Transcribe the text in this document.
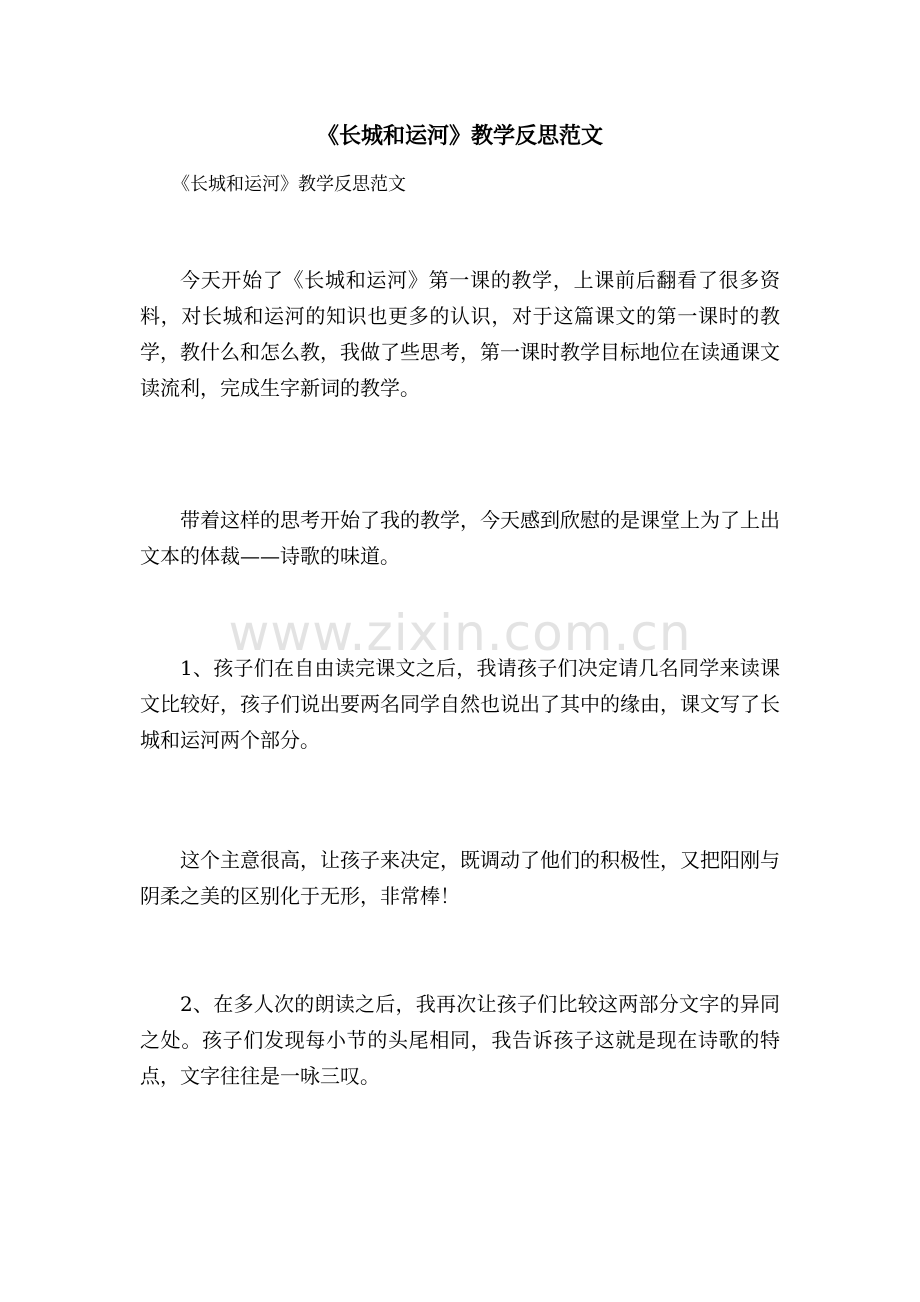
《长城和运河》教学反思范文
《长城和运河》教学反思范文

今天开始了《长城和运河》第一课的教学，上课前后翻看了很多资料，对长城和运河的知识也更多的认识，对于这篇课文的第一课时的教学，教什么和怎么教，我做了些思考，第一课时教学目标地位在读通课文读流利，完成生字新词的教学。

带着这样的思考开始了我的教学，今天感到欣慰的是课堂上为了上出文本的体裁——诗歌的味道。

1、孩子们在自由读完课文之后，我请孩子们决定请几名同学来读课文比较好，孩子们说出要两名同学自然也说出了其中的缘由，课文写了长城和运河两个部分。

这个主意很高，让孩子来决定，既调动了他们的积极性，又把阳刚与阴柔之美的区别化于无形，非常棒！

2、在多人次的朗读之后，我再次让孩子们比较这两部分文字的异同之处。孩子们发现每小节的头尾相同，我告诉孩子这就是现在诗歌的特点，文字往往是一咏三叹。

www.zixin.com.cn
